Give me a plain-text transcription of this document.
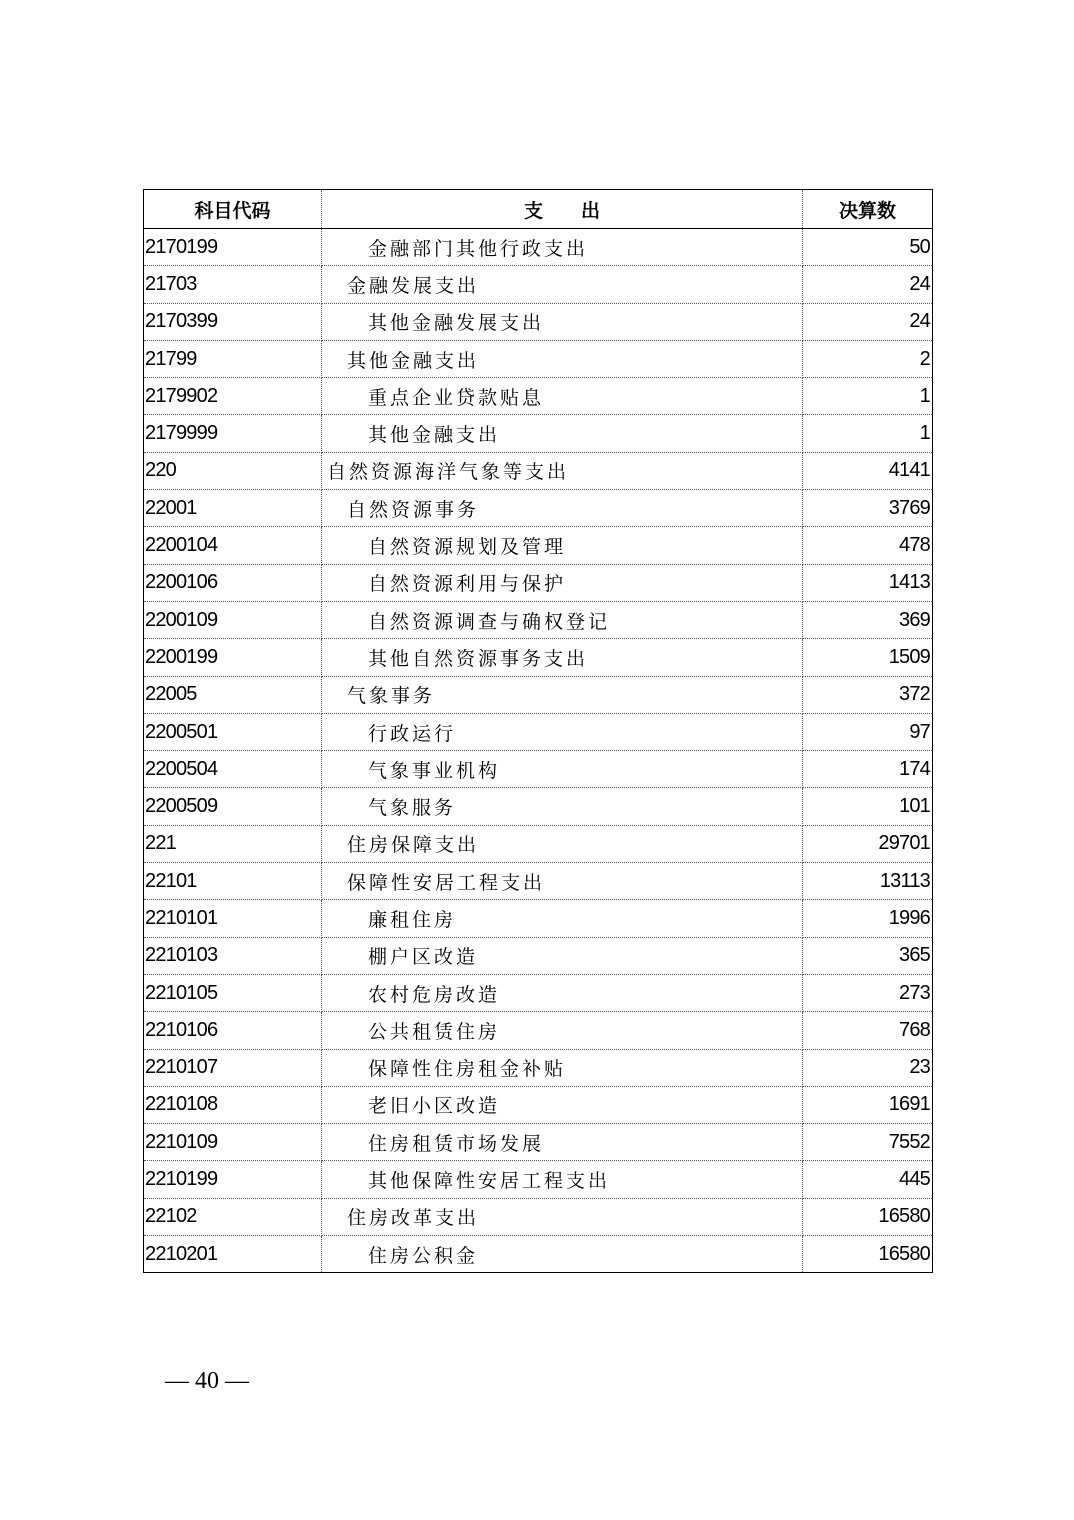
科目代码	支　　出	决算数
2170199	金融部门其他行政支出	50
21703	金融发展支出	24
2170399	其他金融发展支出	24
21799	其他金融支出	2
2179902	重点企业贷款贴息	1
2179999	其他金融支出	1
220	自然资源海洋气象等支出	4141
22001	自然资源事务	3769
2200104	自然资源规划及管理	478
2200106	自然资源利用与保护	1413
2200109	自然资源调查与确权登记	369
2200199	其他自然资源事务支出	1509
22005	气象事务	372
2200501	行政运行	97
2200504	气象事业机构	174
2200509	气象服务	101
221	住房保障支出	29701
22101	保障性安居工程支出	13113
2210101	廉租住房	1996
2210103	棚户区改造	365
2210105	农村危房改造	273
2210106	公共租赁住房	768
2210107	保障性住房租金补贴	23
2210108	老旧小区改造	1691
2210109	住房租赁市场发展	7552
2210199	其他保障性安居工程支出	445
22102	住房改革支出	16580
2210201	住房公积金	16580
— 40 —
